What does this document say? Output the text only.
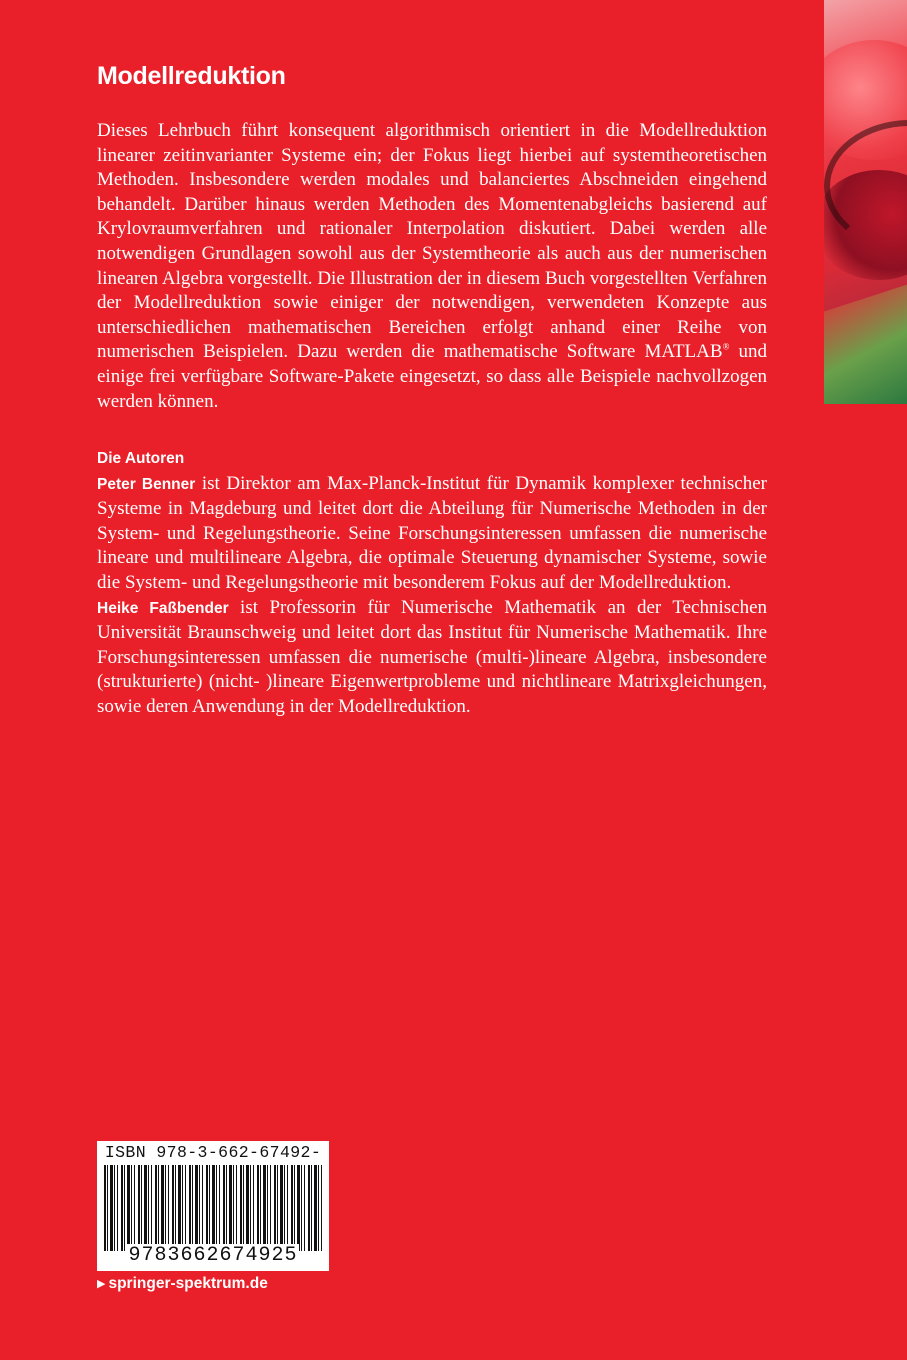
Modellreduktion

Dieses Lehrbuch führt konsequent algorithmisch orientiert in die Modellreduktion linearer zeitinvarianter Systeme ein; der Fokus liegt hierbei auf systemtheoretischen Methoden. Insbesondere werden modales und balanciertes Abschneiden eingehend behandelt. Darüber hinaus werden Methoden des Momentenabgleichs basierend auf Krylovraumverfahren und rationaler Interpolation diskutiert. Dabei werden alle notwendigen Grundlagen sowohl aus der Systemtheorie als auch aus der numerischen linearen Algebra vorgestellt. Die Illustration der in diesem Buch vorgestellten Verfahren der Modellreduktion sowie einiger der notwendigen, verwendeten Konzepte aus unterschiedlichen mathematischen Bereichen erfolgt anhand einer Reihe von numerischen Beispielen. Dazu werden die mathematische Software MATLAB® und einige frei verfügbare Software-Pakete eingesetzt, so dass alle Beispiele nachvollzogen werden können.

Die Autoren

Peter Benner ist Direktor am Max-Planck-Institut für Dynamik komplexer technischer Systeme in Magdeburg und leitet dort die Abteilung für Numerische Methoden in der System- und Regelungstheorie. Seine Forschungsinteressen umfassen die numerische lineare und multilineare Algebra, die optimale Steuerung dynamischer Systeme, sowie die System- und Regelungstheorie mit besonderem Fokus auf der Modellreduktion.

Heike Faßbender ist Professorin für Numerische Mathematik an der Technischen Universität Braunschweig und leitet dort das Institut für Numerische Mathematik. Ihre Forschungsinteressen umfassen die numerische (multi-)lineare Algebra, insbesondere (strukturierte) (nicht- )lineare Eigenwertprobleme und nichtlineare Matrixgleichungen, sowie deren Anwendung in der Modellreduktion.

ISBN 978-3-662-67492-
9783662674925
▶ springer-spektrum.de
